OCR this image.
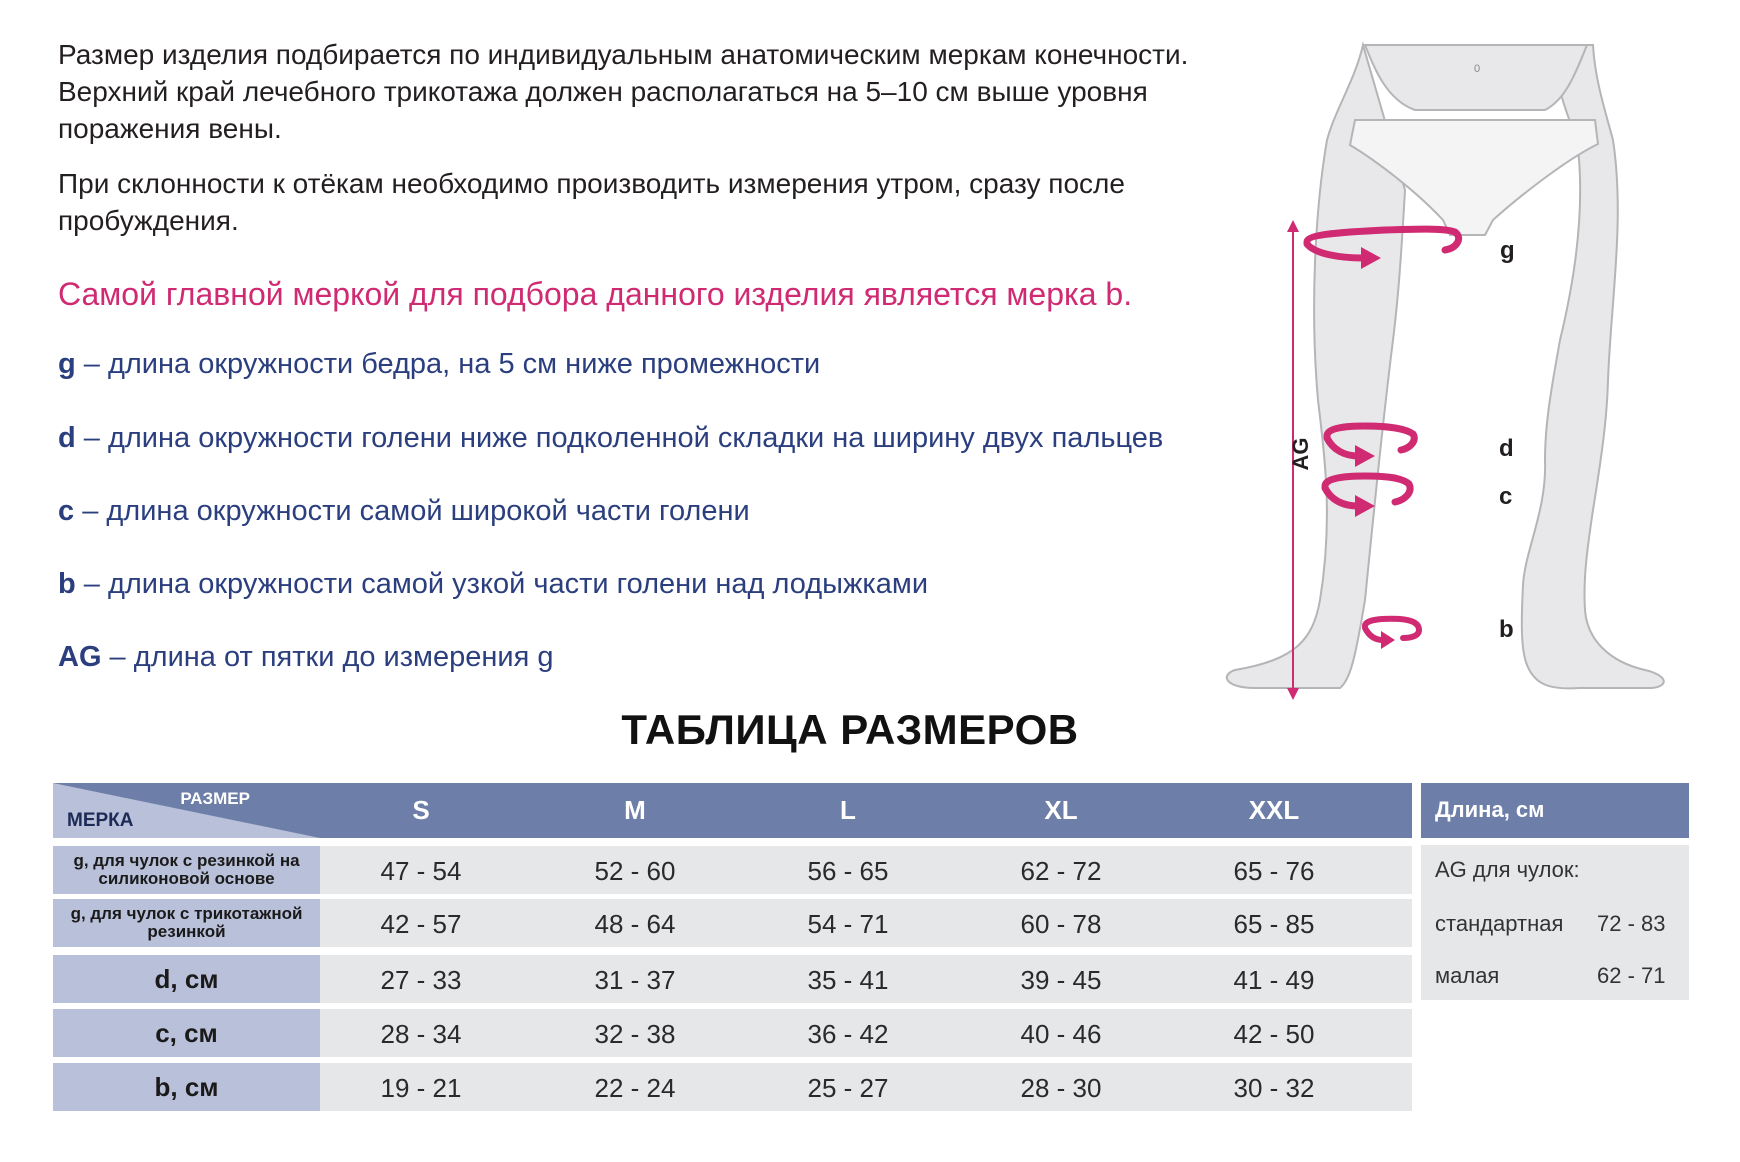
Размер изделия подбирается по индивидуальным анатомическим меркам конечности. Верхний край лечебного трикотажа должен располагаться на 5–10 см выше уровня поражения вены.

При склонности к отёкам необходимо производить измерения утром, сразу после пробуждения.

Самой главной меркой для подбора данного изделия является мерка b.
g – длина окружности бедра, на 5 см ниже промежности
d – длина окружности голени ниже подколенной складки на ширину двух пальцев
c – длина окружности самой широкой части голени
b – длина окружности самой узкой части голени над лодыжками
AG – длина от пятки до измерения g
0
AG
g
d
c
b
ТАБЛИЦА РАЗМЕРОВ
РАЗМЕР
МЕРКА	S	M	L	XL	XXL	Длина, см
g, для чулок с резинкой на силиконовой основе	47 - 54	52 - 60	56 - 65	62 - 72	65 - 76
g, для чулок с трикотажной резинкой	42 - 57	48 - 64	54 - 71	60 - 78	65 - 85
d, см	27 - 33	31 - 37	35 - 41	39 - 45	41 - 49
c, см	28 - 34	32 - 38	36 - 42	40 - 46	42 - 50
b, см	19 - 21	22 - 24	25 - 27	28 - 30	30 - 32
AG для чулок:
стандартная 72 - 83
малая	62 - 71
